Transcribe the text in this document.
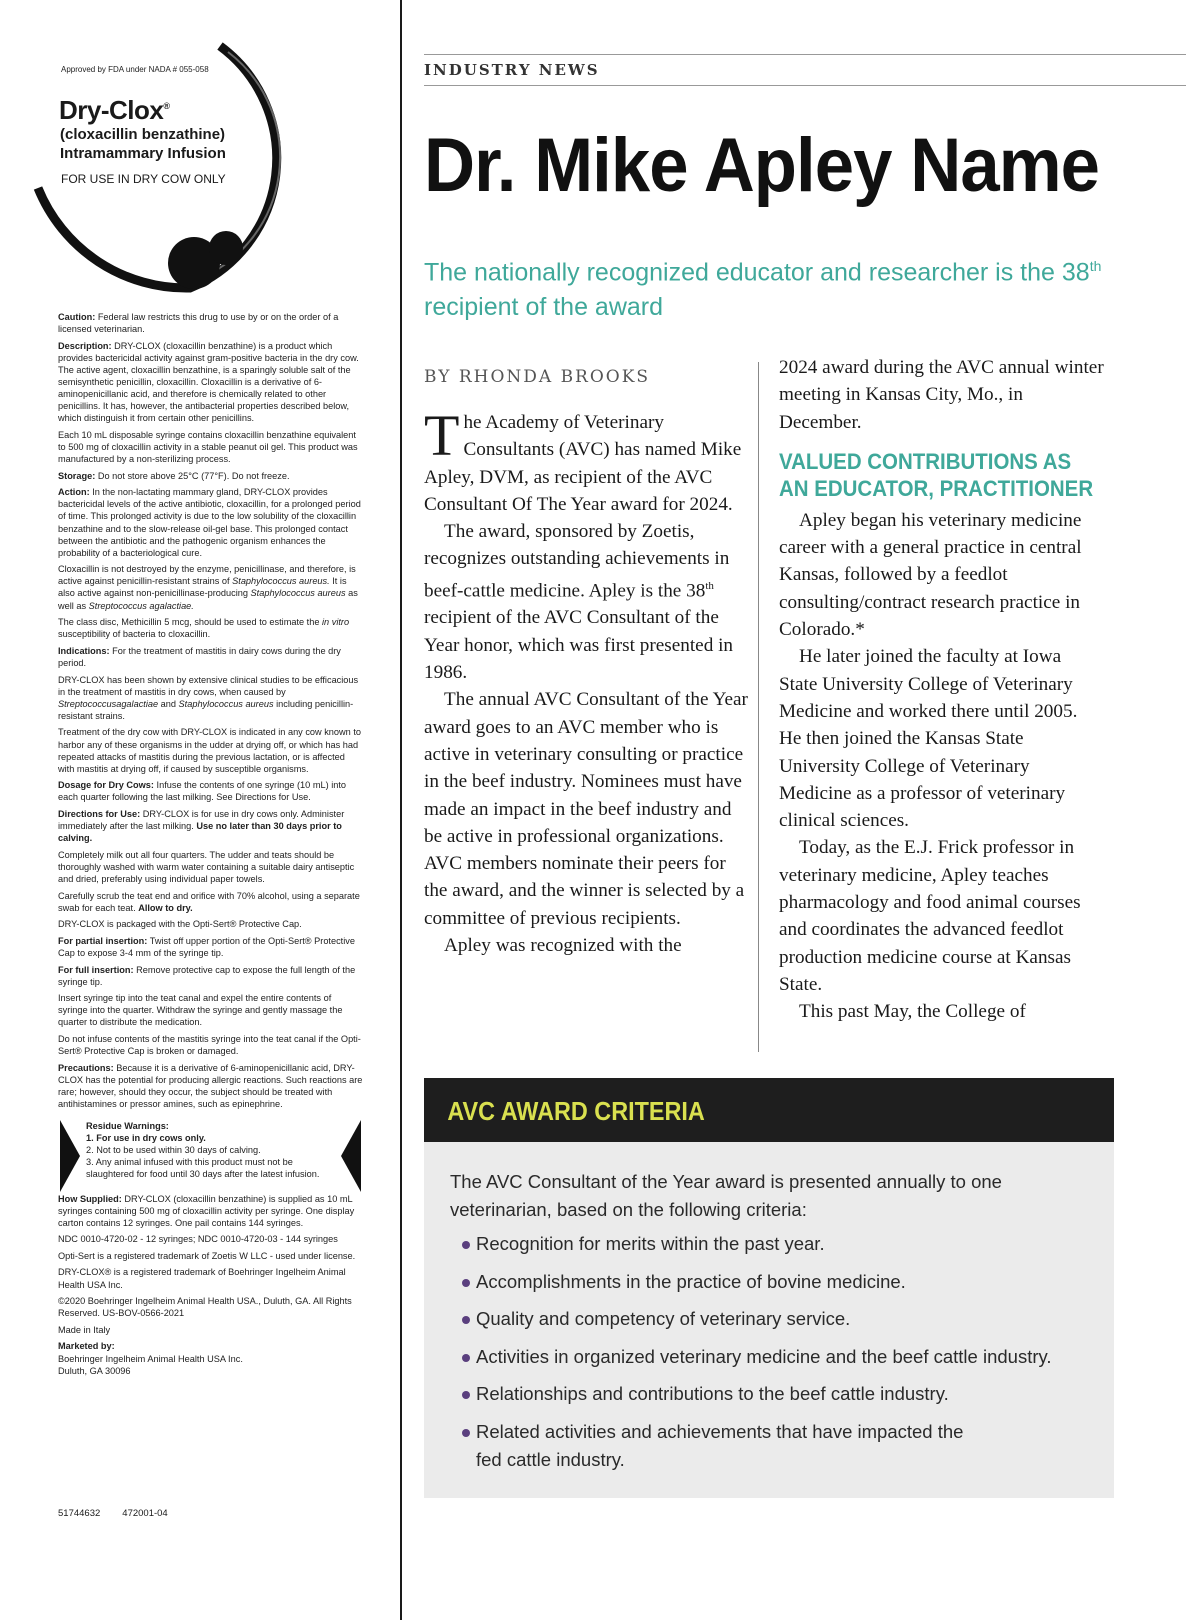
Approved by FDA under NADA # 055-058
Dry-Clox®
(cloxacillin benzathine)
Intramammary Infusion
FOR USE IN DRY COW ONLY

Caution: Federal law restricts this drug to use by or on the order of a licensed veterinarian.

Description: DRY-CLOX (cloxacillin benzathine) is a product which provides bactericidal activity against gram-positive bacteria in the dry cow. The active agent, cloxacillin benzathine, is a sparingly soluble salt of the semisynthetic penicillin, cloxacillin. Cloxacillin is a derivative of 6-aminopenicillanic acid, and therefore is chemically related to other penicillins. It has, however, the antibacterial properties described below, which distinguish it from certain other penicillins.

Each 10 mL disposable syringe contains cloxacillin benzathine equivalent to 500 mg of cloxacillin activity in a stable peanut oil gel. This product was manufactured by a non-sterilizing process.

Storage: Do not store above 25°C (77°F). Do not freeze.

Action: In the non-lactating mammary gland, DRY-CLOX provides bactericidal levels of the active antibiotic, cloxacillin, for a prolonged period of time. This prolonged activity is due to the low solubility of the cloxacillin benzathine and to the slow-release oil-gel base. This prolonged contact between the antibiotic and the pathogenic organism enhances the probability of a bacteriological cure.

Cloxacillin is not destroyed by the enzyme, penicillinase, and therefore, is active against penicillin-resistant strains of Staphylococcus aureus. It is also active against non-penicillinase-producing Staphylococcus aureus as well as Streptococcus agalactiae.

The class disc, Methicillin 5 mcg, should be used to estimate the in vitro susceptibility of bacteria to cloxacillin.

Indications: For the treatment of mastitis in dairy cows during the dry period.

DRY-CLOX has been shown by extensive clinical studies to be efficacious in the treatment of mastitis in dry cows, when caused by Streptococcusagalactiae and Staphylococcus aureus including penicillin-resistant strains.

Treatment of the dry cow with DRY-CLOX is indicated in any cow known to harbor any of these organisms in the udder at drying off, or which has had repeated attacks of mastitis during the previous lactation, or is affected with mastitis at drying off, if caused by susceptible organisms.

Dosage for Dry Cows: Infuse the contents of one syringe (10 mL) into each quarter following the last milking. See Directions for Use.

Directions for Use: DRY-CLOX is for use in dry cows only. Administer immediately after the last milking. Use no later than 30 days prior to calving.

Completely milk out all four quarters. The udder and teats should be thoroughly washed with warm water containing a suitable dairy antiseptic and dried, preferably using individual paper towels.

Carefully scrub the teat end and orifice with 70% alcohol, using a separate swab for each teat. Allow to dry.

DRY-CLOX is packaged with the Opti-Sert® Protective Cap.

For partial insertion: Twist off upper portion of the Opti-Sert® Protective Cap to expose 3-4 mm of the syringe tip.

For full insertion: Remove protective cap to expose the full length of the syringe tip.

Insert syringe tip into the teat canal and expel the entire contents of syringe into the quarter. Withdraw the syringe and gently massage the quarter to distribute the medication.

Do not infuse contents of the mastitis syringe into the teat canal if the Opti-Sert® Protective Cap is broken or damaged.

Precautions: Because it is a derivative of 6-aminopenicillanic acid, DRY-CLOX has the potential for producing allergic reactions. Such reactions are rare; however, should they occur, the subject should be treated with antihistamines or pressor amines, such as epinephrine.

Residue Warnings:
1. For use in dry cows only.
2. Not to be used within 30 days of calving.
3. Any animal infused with this product must not be slaughtered for food until 30 days after the latest infusion.

How Supplied: DRY-CLOX (cloxacillin benzathine) is supplied as 10 mL syringes containing 500 mg of cloxacillin activity per syringe. One display carton contains 12 syringes. One pail contains 144 syringes.

NDC 0010-4720-02 - 12 syringes; NDC 0010-4720-03 - 144 syringes

Opti-Sert is a registered trademark of Zoetis W LLC - used under license.

DRY-CLOX® is a registered trademark of Boehringer Ingelheim Animal Health USA Inc.

©2020 Boehringer Ingelheim Animal Health USA., Duluth, GA. All Rights Reserved. US-BOV-0566-2021

Made in Italy

Marketed by:
Boehringer Ingelheim Animal Health USA Inc.
Duluth, GA 30096

51744632 472001-04
INDUSTRY NEWS
Dr. Mike Apley Name
The nationally recognized educator and researcher is the 38th recipient of the award
BY RHONDA BROOKS

The Academy of Veterinary Consultants (AVC) has named Mike Apley, DVM, as recipient of the AVC Consultant Of The Year award for 2024.

The award, sponsored by Zoetis, recognizes outstanding achievements in beef-cattle medicine. Apley is the 38th recipient of the AVC Consultant of the Year honor, which was first presented in 1986.

The annual AVC Consultant of the Year award goes to an AVC member who is active in veterinary consulting or practice in the beef industry. Nominees must have made an impact in the beef industry and be active in professional organizations. AVC members nominate their peers for the award, and the winner is selected by a committee of previous recipients.

Apley was recognized with the

2024 award during the AVC annual winter meeting in Kansas City, Mo., in December.

VALUED CONTRIBUTIONS AS
AN EDUCATOR, PRACTITIONER

Apley began his veterinary medicine career with a general practice in central Kansas, followed by a feedlot consulting/contract research practice in Colorado.*

He later joined the faculty at Iowa State University College of Veterinary Medicine and worked there until 2005. He then joined the Kansas State University College of Veterinary Medicine as a professor of veterinary clinical sciences.

Today, as the E.J. Frick professor in veterinary medicine, Apley teaches pharmacology and food animal courses and coordinates the advanced feedlot production medicine course at Kansas State.

This past May, the College of

AVC AWARD CRITERIA
The AVC Consultant of the Year award is presented annually to one veterinarian, based on the following criteria:
Recognition for merits within the past year.
Accomplishments in the practice of bovine medicine.
Quality and competency of veterinary service.
Activities in organized veterinary medicine and the beef cattle industry.
Relationships and contributions to the beef cattle industry.
Related activities and achievements that have impacted the fed cattle industry.
